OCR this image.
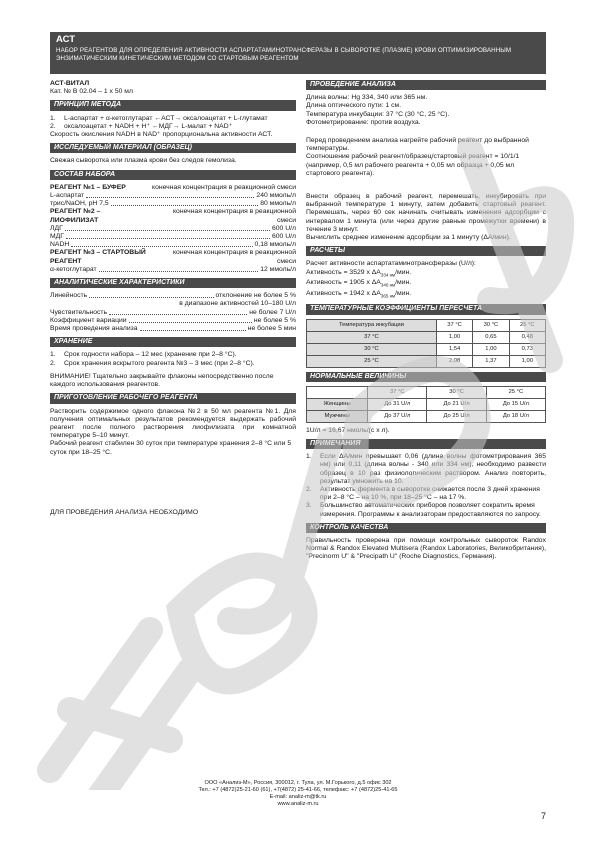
АСТ
НАБОР РЕАГЕНТОВ ДЛЯ ОПРЕДЕЛЕНИЯ АКТИВНОСТИ АСПАРТАТАМИНОТРАНСФЕРАЗЫ В СЫВОРОТКЕ (ПЛАЗМЕ) КРОВИ ОПТИМИЗИРОВАННЫМ ЭНЗИМАТИЧЕСКИМ КИНЕТИЧЕСКИМ МЕТОДОМ СО СТАРТОВЫМ РЕАГЕНТОМ

АСТ-ВИТАЛ

Кат. № B 02.04 – 1 x 50 мл

ПРИНЦИП МЕТОДА
1.	L-аспартат + α-кетоглутарат ←АСТ→ оксалоацетат + L-глутамат
2.	оксалоацетат + NADH + H⁺ ←МДГ→ L-малат + NAD⁺

Скорость окисления NADH в NAD⁺ пропорциональна активности АСТ.

ИССЛЕДУЕМЫЙ МАТЕРИАЛ (ОБРАЗЕЦ)

Свежая сыворотка или плазма крови без следов гемолиза.

СОСТАВ НАБОРА
РЕАГЕНТ №1 – БУФЕР	конечная концентрация в реакционной смеси
L-аспартат	240 ммоль/л
трис/NaOH, pH 7,5	80 ммоль/л
РЕАГЕНТ №2 – ЛИОФИЛИЗАТ
конечная концентрация в реакционной смеси
ЛДГ	600 U/л
МДГ	600 U/л
NADH	0,18 ммоль/л
РЕАГЕНТ №3 – СТАРТОВЫЙ РЕАГЕНТ
конечная концентрация в реакционной смеси
α-кетоглутарат	12 ммоль/л
АНАЛИТИЧЕСКИЕ ХАРАКТЕРИСТИКИ
Линейность	отклонение не более 5 %

в диапазоне активностей 10–180 U/л

Чувствительность	не более 7 U/л
Коэффициент вариации	не более 5 %
Время проведения анализа	не более 5 мин
ХРАНЕНИЕ
1.	Срок годности набора – 12 мес (хранение при 2–8 °С).
2.	Срок хранения вскрытого реагента №3 – 3 мес (при 2–8 °С).

ВНИМАНИЕ! Тщательно закрывайте флаконы непосредственно после каждого использования реагентов.

ПРИГОТОВЛЕНИЕ РАБОЧЕГО РЕАГЕНТА

Растворить содержимое одного флакона №2 в 50 мл реагента №1. Для получения оптимальных результатов рекомендуется выдержать рабочий реагент после полного растворения лиофилизата при комнатной температуре 5–10 минут.

Рабочий реагент стабилен 30 суток при температуре хранения 2–8 °С или 5 суток при 18–25 °С.

ДЛЯ ПРОВЕДЕНИЯ АНАЛИЗА НЕОБХОДИМО

ПРОВЕДЕНИЕ АНАЛИЗА

Длина волны: Hg 334, 340 или 365 нм.

Длина оптического пути: 1 см.

Температура инкубации: 37 °С (30 °С, 25 °С).

Фотометрирование: против воздуха.

Перед проведением анализа нагрейте рабочий реагент до выбранной температуры.

Соотношение рабочий реагент/образец/стартовый реагент = 10/1/1 (например, 0,5 мл рабочего реагента + 0,05 мл образца + 0,05 мл стартового реагента).

Внести образец в рабочий реагент, перемешать, инкубировать при выбранной температуре 1 минуту, затем добавить стартовый реагент. Перемешать, через 60 сек начинать считывать изменения адсорбции с интервалом 1 минута (или через другие равные промежутки времени) в течение 3 минут.

Вычислить среднее изменение адсорбции за 1 минуту (ΔA/мин).

РАСЧЕТЫ

Расчет активности аспартатаминотрансферазы (U/л):

Активность = 3529 x $\Delta A_{334 нм}$/мин.

Активность = 1905 x $\Delta A_{340 нм}$/мин.

Активность = 1942 x $\Delta A_{365 нм}$/мин.

ТЕМПЕРАТУРНЫЕ КОЭФФИЦИЕНТЫ ПЕРЕСЧЕТА
Температура инкубации	37 °С	30 °С	25 °С
37 °С	1,00	0,65	0,48
30 °С	1,54	1,00	0,73
25 °С	2,08	1,37	1,00
НОРМАЛЬНЫЕ ВЕЛИЧИНЫ
	37 °С	30 °С	25 °С
Женщины	До 31 U/л	До 21 U/л	До 15 U/л
Мужчины	До 37 U/л	До 25 U/л	До 18 U/л

1U/л = 16,67 нмоль/(с x л).

ПРИМЕЧАНИЯ
1.	Если ΔA/мин превышает 0,06 (длина волны фотометрирования 365 нм) или 0,11 (длина волны - 340 или 334 нм), необходимо развести образец в 10 раз физиологическим раствором. Анализ повторить, результат умножить на 10.
2.	Активность фермента в сыворотке снижается после 3 дней хранения при 2–8 °С – на 10 %, при 18–25 °С – на 17 %.
3.	Большинство автоматических приборов позволяет сократить время измерения. Программы к анализаторам предоставляются по запросу.
КОНТРОЛЬ КАЧЕСТВА

Правильность проверена при помощи контрольных сывороток Randox Normal & Randox Elevated Multisera (Randox Laboratories, Великобритания), "Precinorm U" & "Precipath U" (Roche Diagnostics, Германия).

ООО «Анализ-М», Россия, 300012, г. Тула, ул. М.Горького, д.5 офис 302
Тел.: +7 (4872)25-21-60 (61), +7(4872) 25-41-66, телефакс: +7 (4872)25-41-65
E-mail: analiz-m@tk.ru
www.analiz-m.ru
7
